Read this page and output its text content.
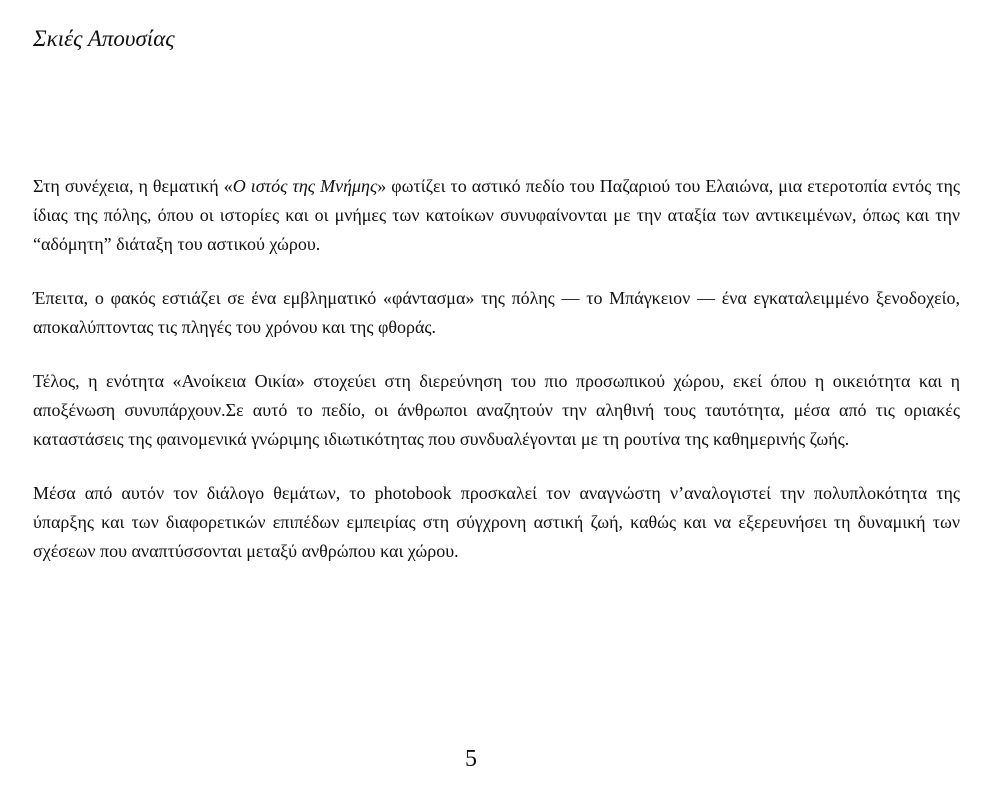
Σκιές Απουσίας

Στη συνέχεια, η θεματική «Ο ιστός της Μνήμης» φωτίζει το αστικό πεδίο του Παζαριού του Ελαιώνα, μια ετεροτοπία εντός της ίδιας της πόλης, όπου οι ιστορίες και οι μνήμες των κατοίκων συνυφαίνονται με την αταξία των αντικειμένων, όπως και την “αδόμητη” διάταξη του αστικού χώρου.

Έπειτα, ο φακός εστιάζει σε ένα εμβληματικό «φάντασμα» της πόλης — το Μπάγκειον — ένα εγκαταλειμμένο ξενοδοχείο, αποκαλύπτοντας τις πληγές του χρόνου και της φθοράς.

Τέλος, η ενότητα «Ανοίκεια Οικία» στοχεύει στη διερεύνηση του πιο προσωπικού χώρου, εκεί όπου η οικειότητα και η αποξένωση συνυπάρχουν.Σε αυτό το πεδίο, οι άνθρωποι αναζητούν την αληθινή τους ταυτότητα, μέσα από τις οριακές καταστάσεις της φαινομενικά γνώριμης ιδιωτικότητας που συνδυαλέγονται με τη ρουτίνα της καθημερινής ζωής.

Μέσα από αυτόν τον διάλογο θεμάτων, το photobook προσκαλεί τον αναγνώστη ν’αναλογιστεί την πολυπλοκότητα της ύπαρξης και των διαφορετικών επιπέδων εμπειρίας στη σύγχρονη αστική ζωή, καθώς και να εξερευνήσει τη δυναμική των σχέσεων που αναπτύσσονται μεταξύ ανθρώπου και χώρου.

5
